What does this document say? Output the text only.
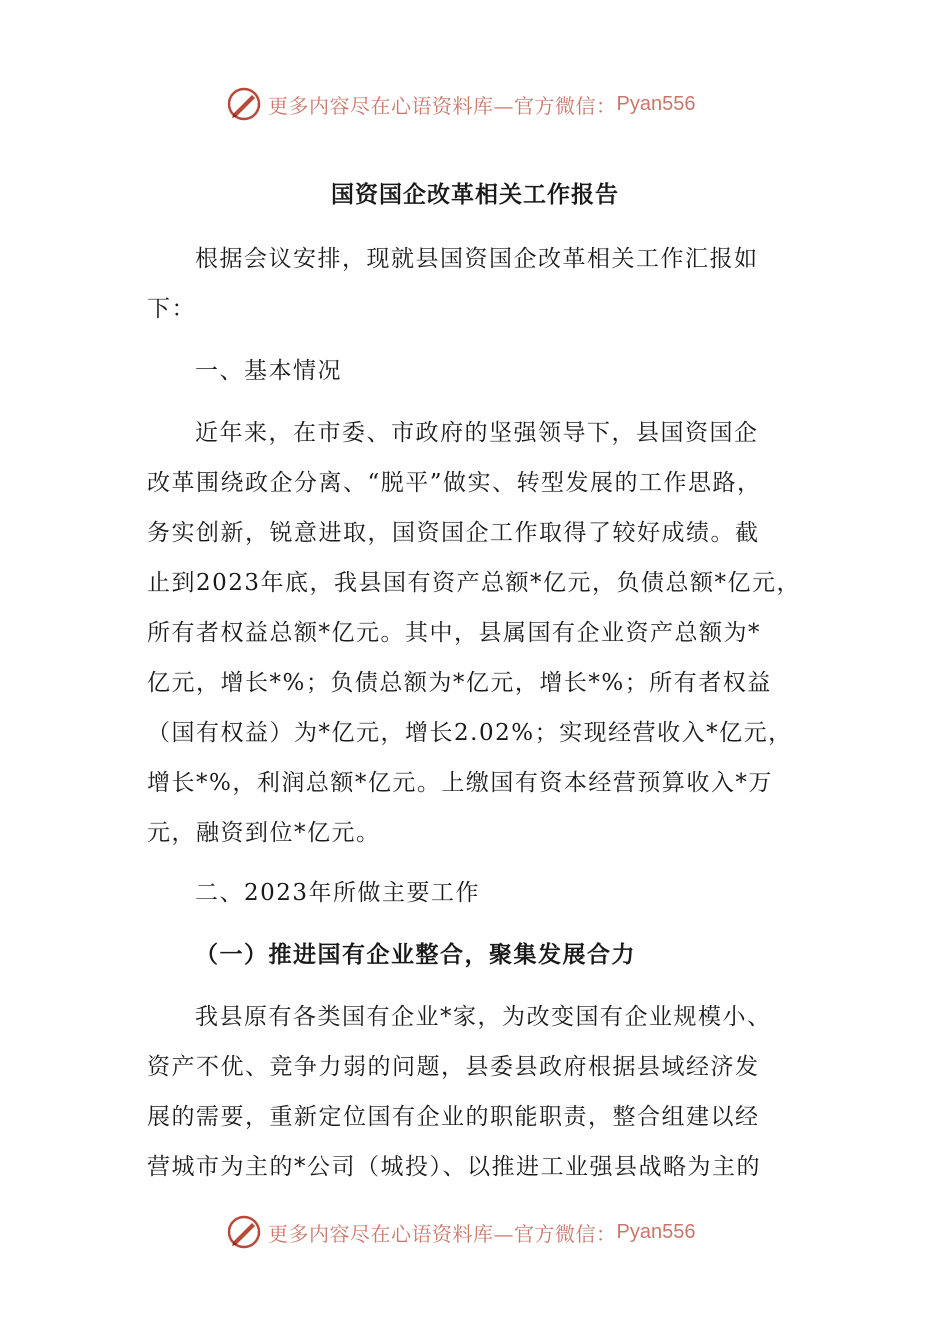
更多内容尽在心语资料库—官方微信： Pyan556
国资国企改革相关工作报告
根据会议安排，现就县国资国企改革相关工作汇报如
下：
一、基本情况
近年来，在市委、市政府的坚强领导下，县国资国企
改革围绕政企分离、“脱平”做实、转型发展的工作思路，
务实创新，锐意进取，国资国企工作取得了较好成绩。截
止到2023年底，我县国有资产总额*亿元，负债总额*亿元，
所有者权益总额*亿元。其中，县属国有企业资产总额为*
亿元，增长*%；负债总额为*亿元，增长*%；所有者权益
（国有权益）为*亿元，增长2.02%；实现经营收入*亿元，
增长*%，利润总额*亿元。上缴国有资本经营预算收入*万
元，融资到位*亿元。
二、2023年所做主要工作
（一）推进国有企业整合，聚集发展合力
我县原有各类国有企业*家，为改变国有企业规模小、
资产不优、竞争力弱的问题，县委县政府根据县域经济发
展的需要，重新定位国有企业的职能职责，整合组建以经
营城市为主的*公司（城投）、以推进工业强县战略为主的
更多内容尽在心语资料库—官方微信： Pyan556
